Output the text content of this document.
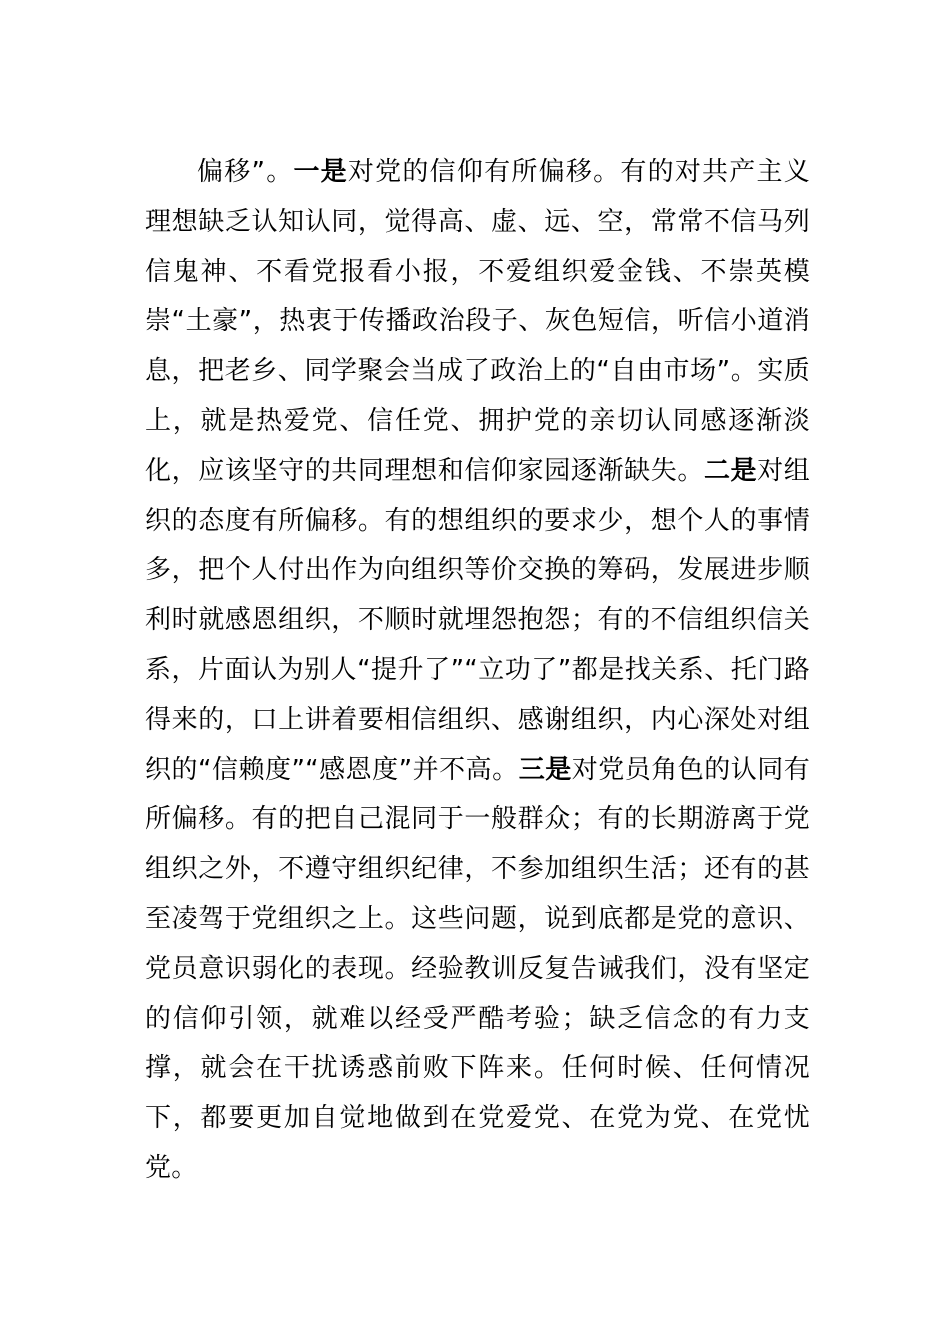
偏移”。一是对党的信仰有所偏移。有的对共产主义理想缺乏认知认同，觉得高、虚、远、空，常常不信马列信鬼神、不看党报看小报，不爱组织爱金钱、不崇英模崇“土豪”，热衷于传播政治段子、灰色短信，听信小道消息，把老乡、同学聚会当成了政治上的“自由市场”。实质上，就是热爱党、信任党、拥护党的亲切认同感逐渐淡化，应该坚守的共同理想和信仰家园逐渐缺失。二是对组织的态度有所偏移。有的想组织的要求少，想个人的事情多，把个人付出作为向组织等价交换的筹码，发展进步顺利时就感恩组织，不顺时就埋怨抱怨；有的不信组织信关系，片面认为别人“提升了”“立功了”都是找关系、托门路得来的，口上讲着要相信组织、感谢组织，内心深处对组织的“信赖度”“感恩度”并不高。三是对党员角色的认同有所偏移。有的把自己混同于一般群众；有的长期游离于党组织之外，不遵守组织纪律，不参加组织生活；还有的甚至凌驾于党组织之上。这些问题，说到底都是党的意识、党员意识弱化的表现。经验教训反复告诫我们，没有坚定的信仰引领，就难以经受严酷考验；缺乏信念的有力支撑，就会在干扰诱惑前败下阵来。任何时候、任何情况下，都要更加自觉地做到在党爱党、在党为党、在党忧党。
